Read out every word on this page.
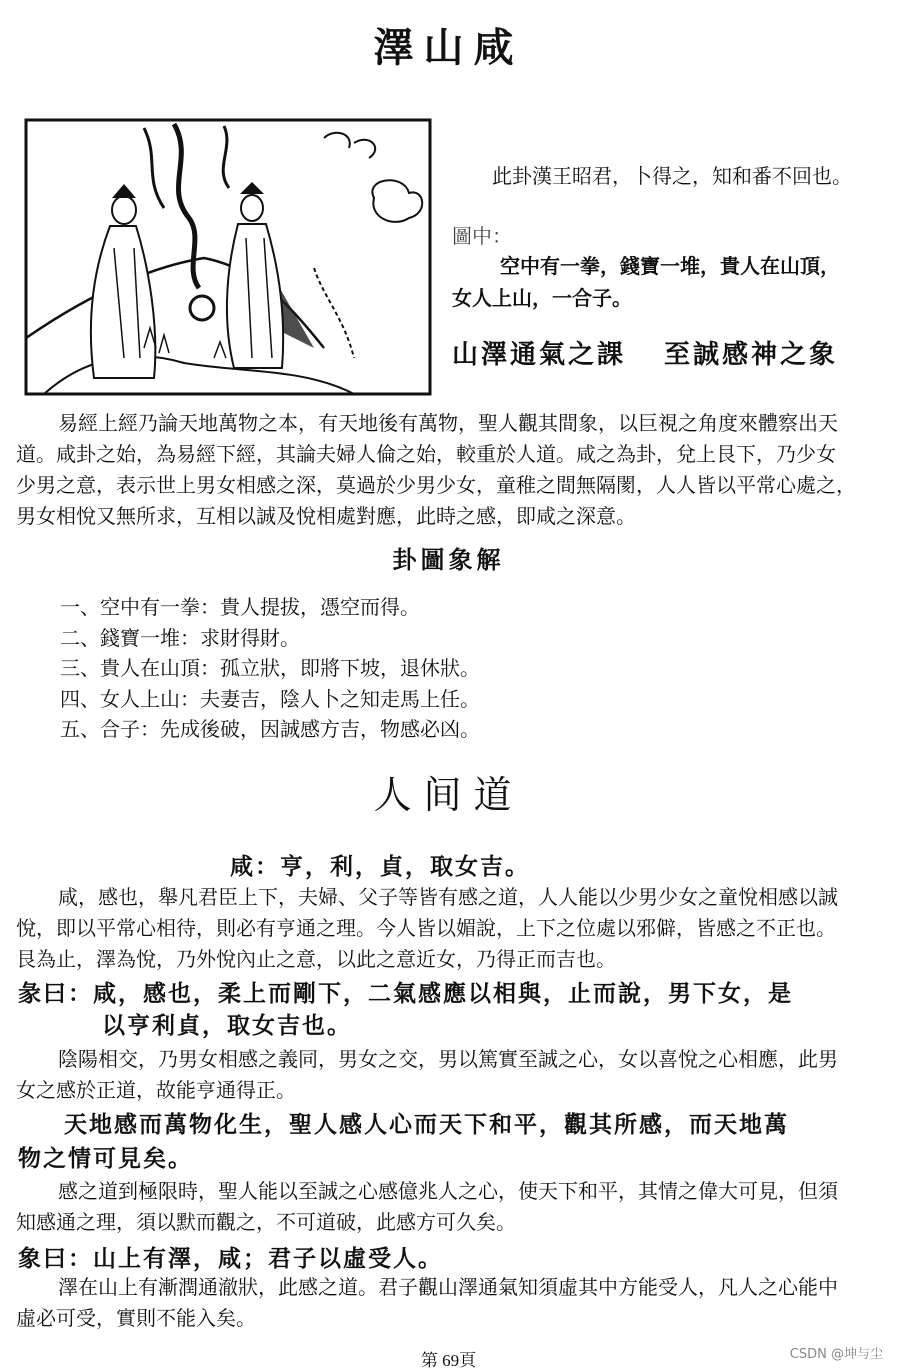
澤山咸
此卦漢王昭君，卜得之，知和番不回也。
圖中：
空中有一拳，錢寶一堆，貴人在山頂，
女人上山，一合子。
山澤通氣之課 至誠感神之象
易經上經乃論天地萬物之本，有天地後有萬物，聖人觀其間象，以巨視之角度來體察出天
道。咸卦之始，為易經下經，其論夫婦人倫之始，較重於人道。咸之為卦，兌上艮下，乃少女
少男之意，表示世上男女相感之深，莫過於少男少女，童稚之間無隔閡，人人皆以平常心處之，
男女相悅又無所求，互相以誠及悅相處對應，此時之感，即咸之深意。
卦圖象解
一、空中有一拳：貴人提拔，憑空而得。
二、錢寶一堆：求財得財。
三、貴人在山頂：孤立狀，即將下坡，退休狀。
四、女人上山：夫妻吉，陰人卜之知走馬上任。
五、合子：先成後破，因誠感方吉，物感必凶。
人间道
咸：亨，利，貞，取女吉。
咸，感也，舉凡君臣上下，夫婦、父子等皆有感之道，人人能以少男少女之童悅相感以誠
悅，即以平常心相待，則必有亨通之理。今人皆以媚說，上下之位處以邪僻，皆感之不正也。
艮為止，澤為悅，乃外悅內止之意，以此之意近女，乃得正而吉也。
彖曰：咸，感也，柔上而剛下，二氣感應以相與，止而說，男下女，是
以亨利貞，取女吉也。
陰陽相交，乃男女相感之義同，男女之交，男以篤實至誠之心，女以喜悅之心相應，此男
女之感於正道，故能亨通得正。
天地感而萬物化生，聖人感人心而天下和平，觀其所感，而天地萬
物之情可見矣。
感之道到極限時，聖人能以至誠之心感億兆人之心，使天下和平，其情之偉大可見，但須
知感通之理，須以默而觀之，不可道破，此感方可久矣。
象曰：山上有澤，咸；君子以虛受人。
澤在山上有漸潤通澈狀，此感之道。君子觀山澤通氣知須虛其中方能受人，凡人之心能中
虛必可受，實則不能入矣。
第 69頁	CSDN @坤与尘
